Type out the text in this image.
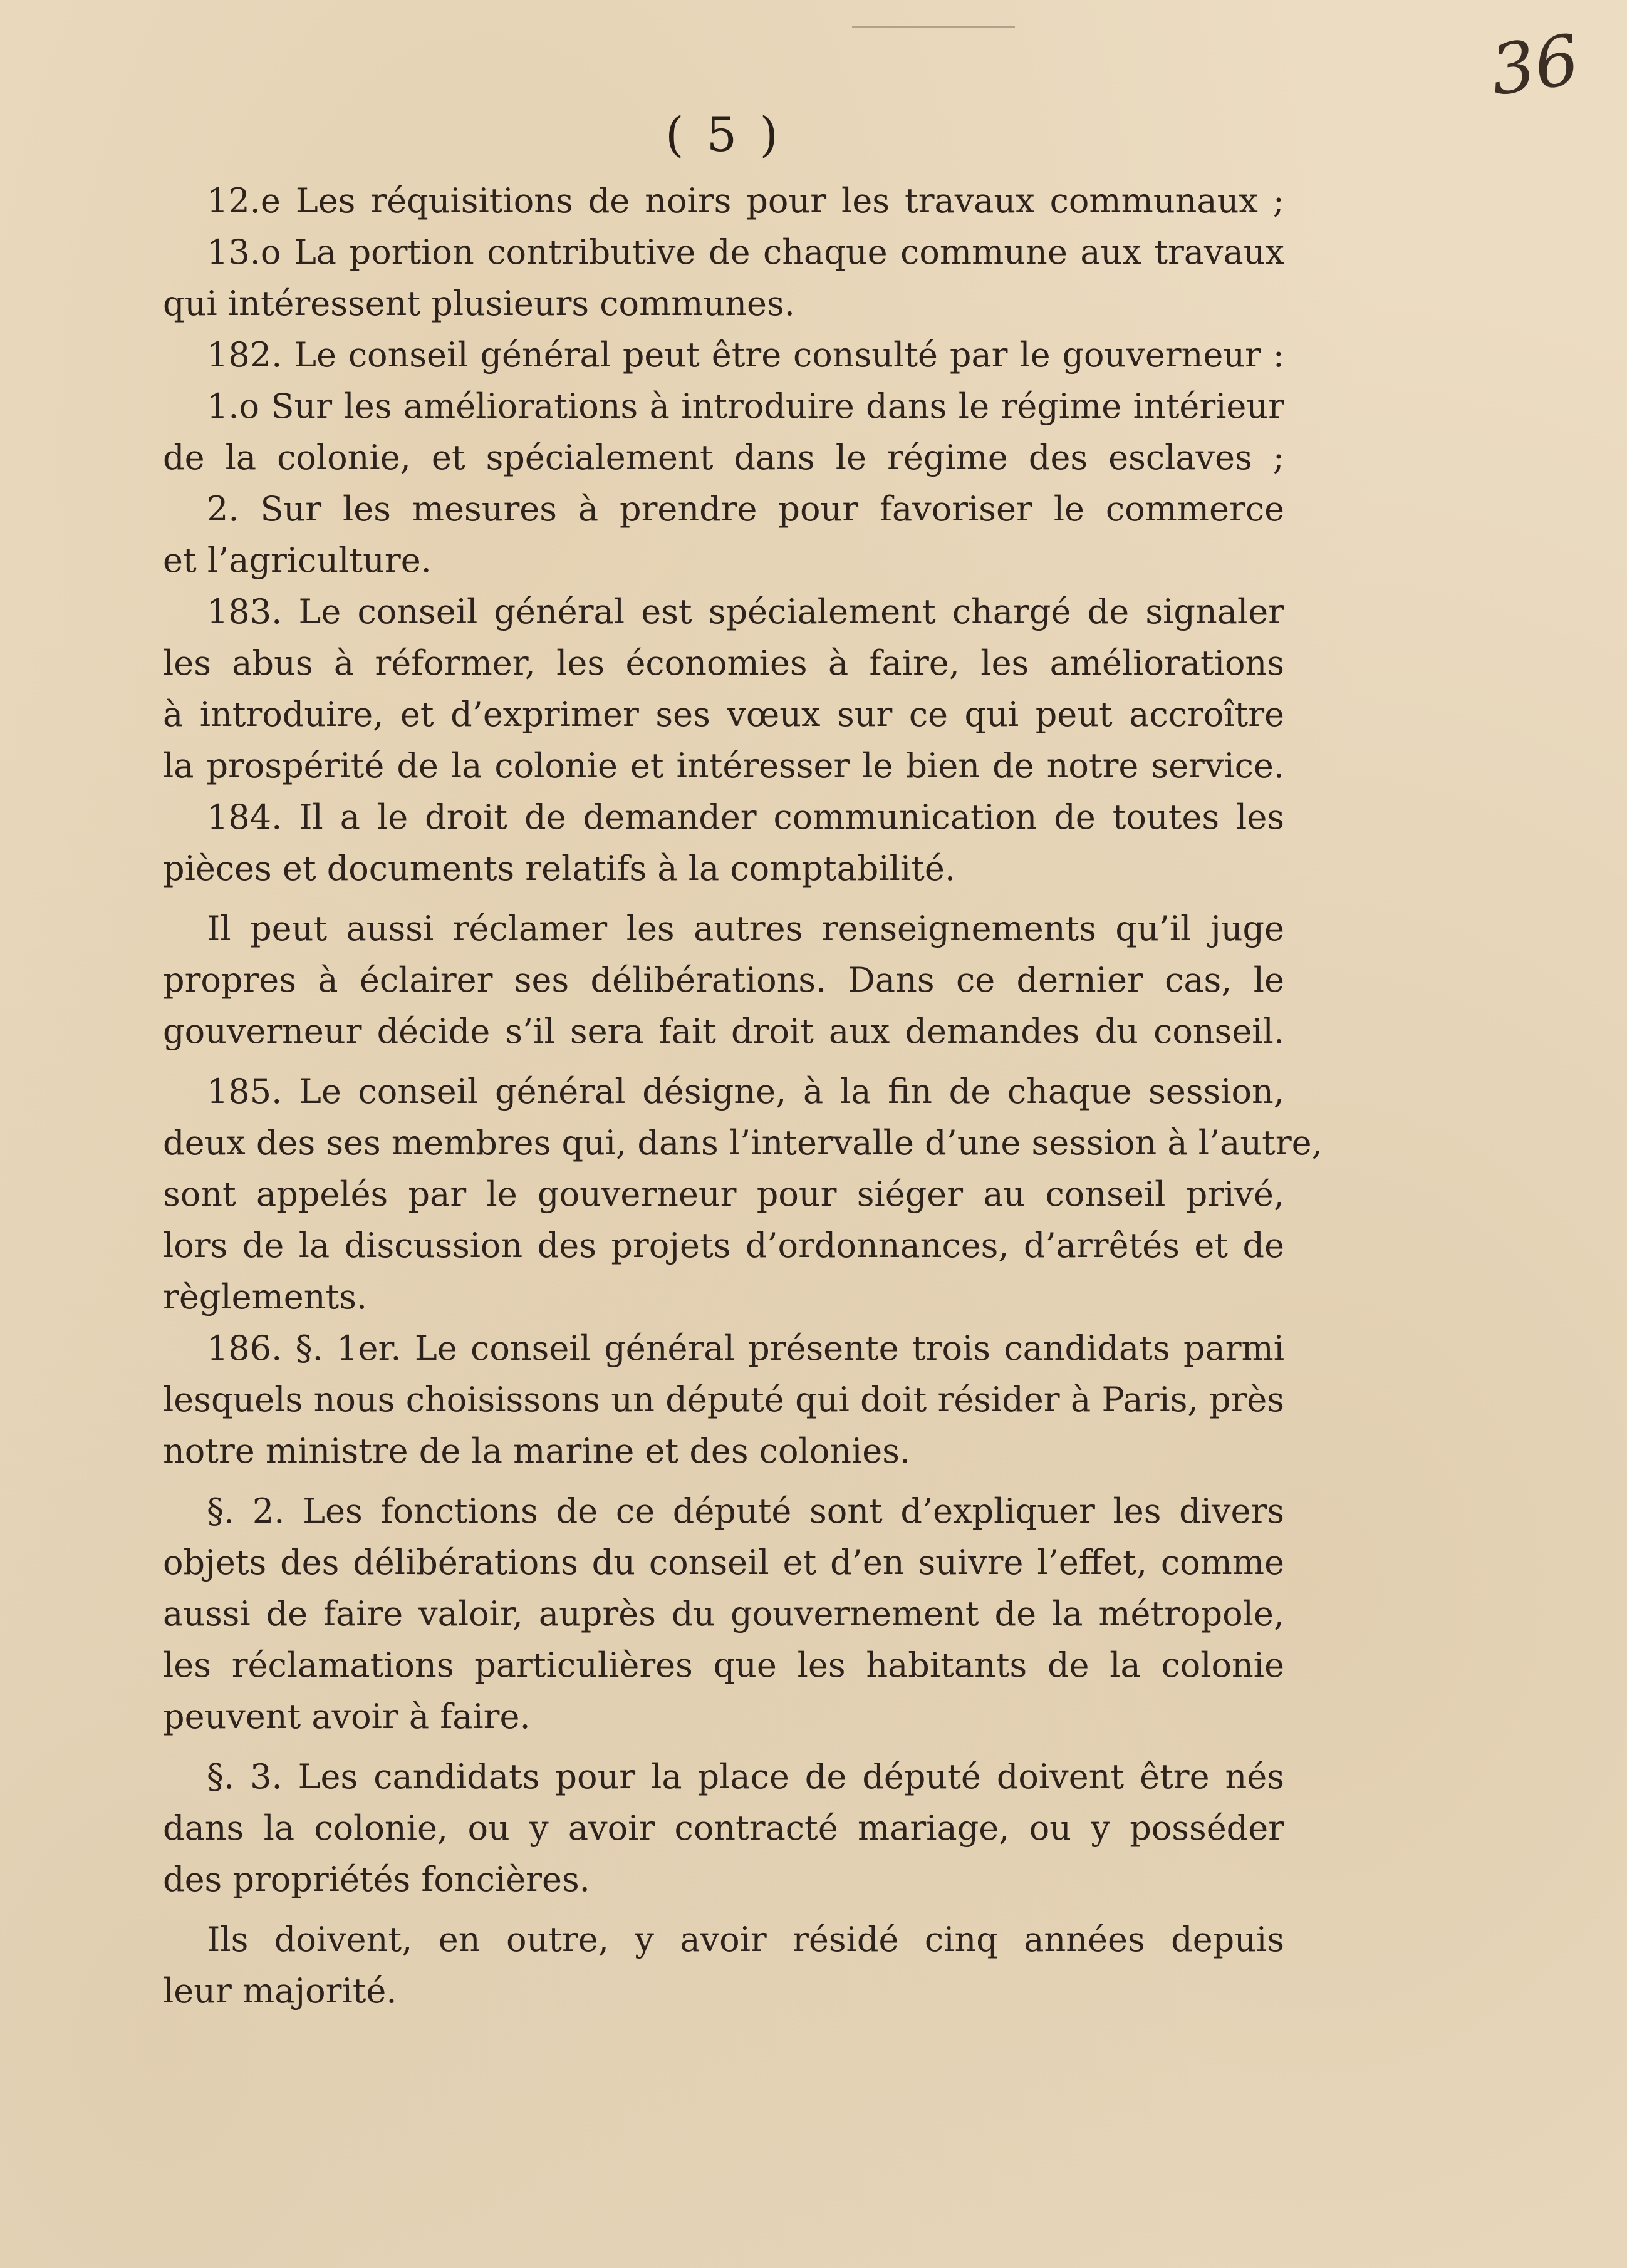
36
( 5 )
12.e Les réquisitions de noirs pour les travaux communaux ;
13.o La portion contributive de chaque commune aux travaux
qui intéressent plusieurs communes.
182. Le conseil général peut être consulté par le gouverneur :
1.o Sur les améliorations à introduire dans le régime intérieur
de la colonie, et spécialement dans le régime des esclaves ;
2. Sur les mesures à prendre pour favoriser le commerce
et l’agriculture.
183. Le conseil général est spécialement chargé de signaler
les abus à réformer, les économies à faire, les améliorations
à introduire, et d’exprimer ses vœux sur ce qui peut accroître
la prospérité de la colonie et intéresser le bien de notre service.
184. Il a le droit de demander communication de toutes les
pièces et documents relatifs à la comptabilité.
Il peut aussi réclamer les autres renseignements qu’il juge
propres à éclairer ses délibérations. Dans ce dernier cas, le
gouverneur décide s’il sera fait droit aux demandes du conseil.
185. Le conseil général désigne, à la fin de chaque session,
deux des ses membres qui, dans l’intervalle d’une session à l’autre,
sont appelés par le gouverneur pour siéger au conseil privé,
lors de la discussion des projets d’ordonnances, d’arrêtés et de
règlements.
186. §. 1er. Le conseil général présente trois candidats parmi
lesquels nous choisissons un député qui doit résider à Paris, près
notre ministre de la marine et des colonies.
§. 2. Les fonctions de ce député sont d’expliquer les divers
objets des délibérations du conseil et d’en suivre l’effet, comme
aussi de faire valoir, auprès du gouvernement de la métropole,
les réclamations particulières que les habitants de la colonie
peuvent avoir à faire.
§. 3. Les candidats pour la place de député doivent être nés
dans la colonie, ou y avoir contracté mariage, ou y posséder
des propriétés foncières.
Ils doivent, en outre, y avoir résidé cinq années depuis
leur majorité.
